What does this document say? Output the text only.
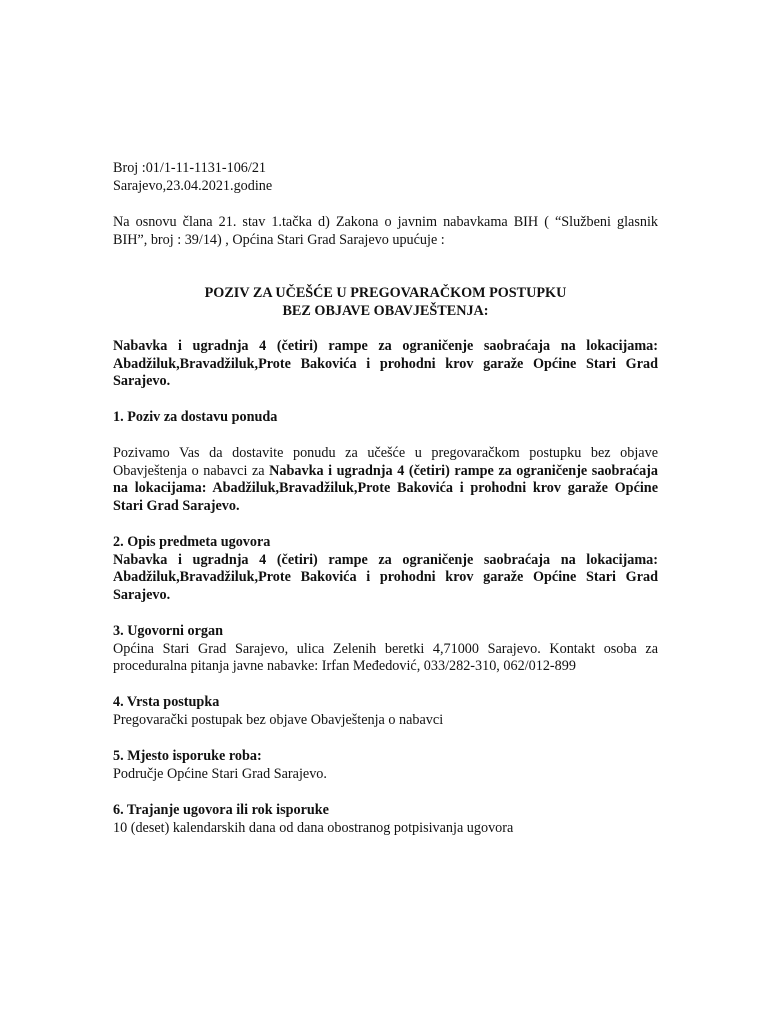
Broj :01/1-11-1131-106/21
Sarajevo,23.04.2021.godine
Na osnovu člana 21. stav 1.tačka d) Zakona o javnim nabavkama BIH ( “Službeni glasnik BIH”, broj : 39/14) , Općina Stari Grad Sarajevo upućuje :
POZIV ZA UČEŠĆE U PREGOVARAČKOM POSTUPKU
BEZ OBJAVE OBAVJEŠTENJA:
Nabavka i ugradnja 4 (četiri) rampe za ograničenje saobraćaja na lokacijama: Abadžiluk,Bravadžiluk,Prote Bakovića i prohodni krov garaže Općine Stari Grad Sarajevo.
1. Poziv za dostavu ponuda
Pozivamo Vas da dostavite ponudu za učešće u pregovaračkom postupku bez objave Obavještenja o nabavci za Nabavka i ugradnja 4 (četiri) rampe za ograničenje saobraćaja na lokacijama: Abadžiluk,Bravadžiluk,Prote Bakovića i prohodni krov garaže Općine Stari Grad Sarajevo.
2. Opis predmeta ugovora
Nabavka i ugradnja 4 (četiri) rampe za ograničenje saobraćaja na lokacijama: Abadžiluk,Bravadžiluk,Prote Bakovića i prohodni krov garaže Općine Stari Grad Sarajevo.
3. Ugovorni organ
Općina Stari Grad Sarajevo, ulica Zelenih beretki 4,71000 Sarajevo. Kontakt osoba za proceduralna pitanja javne nabavke: Irfan Međedović, 033/282-310, 062/012-899
4. Vrsta postupka
Pregovarački postupak bez objave Obavještenja o nabavci
5. Mjesto isporuke roba:
Područje Općine Stari Grad Sarajevo.
6. Trajanje ugovora ili rok isporuke
10 (deset) kalendarskih dana od dana obostranog potpisivanja ugovora
